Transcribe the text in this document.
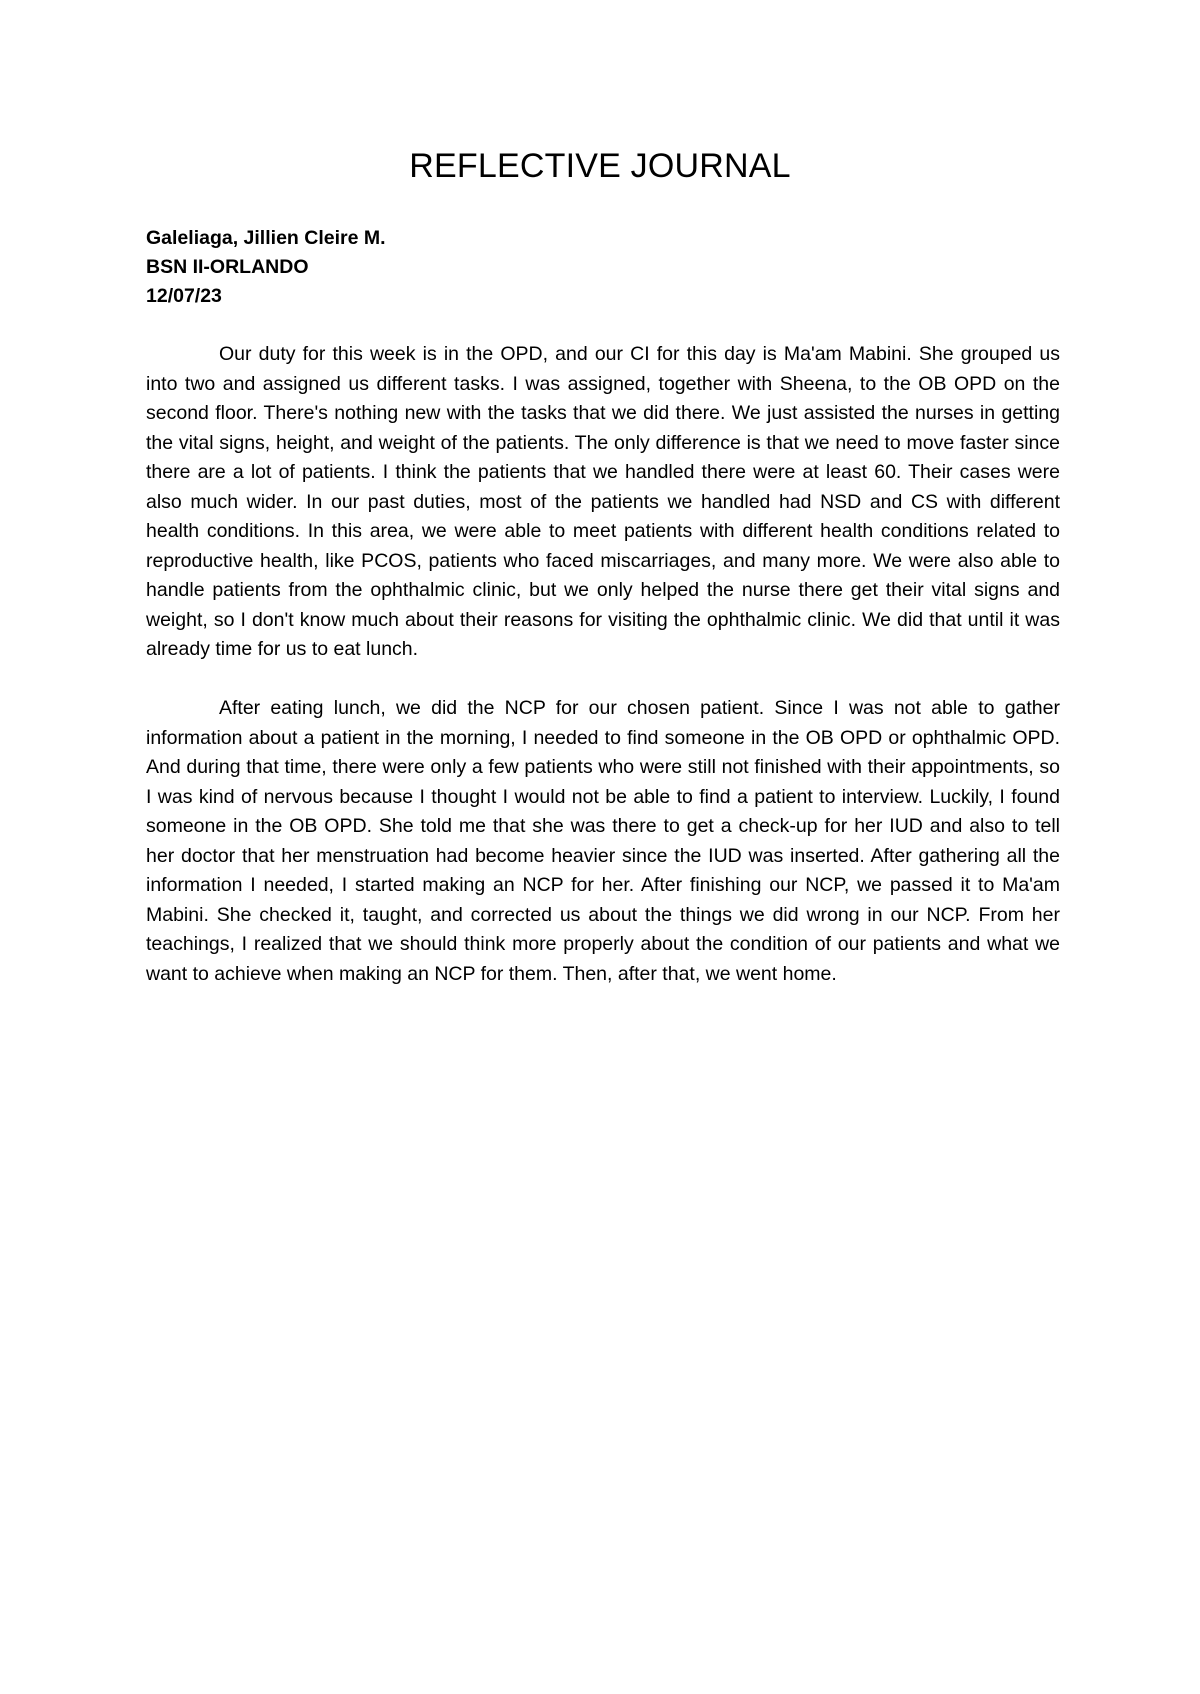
REFLECTIVE JOURNAL
Galeliaga, Jillien Cleire M.
BSN II-ORLANDO
12/07/23

Our duty for this week is in the OPD, and our CI for this day is Ma'am Mabini. She grouped us into two and assigned us different tasks. I was assigned, together with Sheena, to the OB OPD on the second floor. There's nothing new with the tasks that we did there. We just assisted the nurses in getting the vital signs, height, and weight of the patients. The only difference is that we need to move faster since there are a lot of patients. I think the patients that we handled there were at least 60. Their cases were also much wider. In our past duties, most of the patients we handled had NSD and CS with different health conditions. In this area, we were able to meet patients with different health conditions related to reproductive health, like PCOS, patients who faced miscarriages, and many more. We were also able to handle patients from the ophthalmic clinic, but we only helped the nurse there get their vital signs and weight, so I don't know much about their reasons for visiting the ophthalmic clinic. We did that until it was already time for us to eat lunch.

After eating lunch, we did the NCP for our chosen patient. Since I was not able to gather information about a patient in the morning, I needed to find someone in the OB OPD or ophthalmic OPD. And during that time, there were only a few patients who were still not finished with their appointments, so I was kind of nervous because I thought I would not be able to find a patient to interview. Luckily, I found someone in the OB OPD. She told me that she was there to get a check-up for her IUD and also to tell her doctor that her menstruation had become heavier since the IUD was inserted. After gathering all the information I needed, I started making an NCP for her. After finishing our NCP, we passed it to Ma'am Mabini. She checked it, taught, and corrected us about the things we did wrong in our NCP. From her teachings, I realized that we should think more properly about the condition of our patients and what we want to achieve when making an NCP for them. Then, after that, we went home.
